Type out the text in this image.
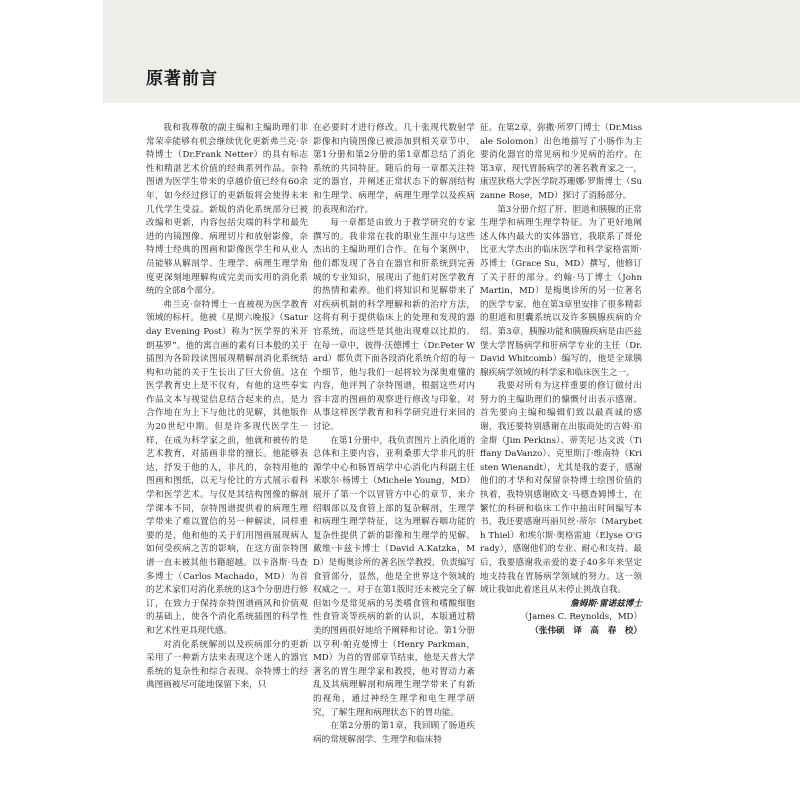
原著前言

我和我尊敬的副主编和主编助理们非常荣幸能够有机会继续优化更新弗兰克·奈特博士（Dr.Frank Netter）的具有标志性和精湛艺术价值的经典系列作品。奈特图谱为医学生带来的卓越价值已经有60余年，如今经过修订的更新版将会使得未来几代学生受益。新版的消化系统部分已被改编和更新，内容包括尖端的科学和最先进的内镜图像、病理切片和放射影像，奈特博士经典的图画和影像医学生和从业人员能够从解剖学、生理学、病理生理学角度更深刻地理解构成完美而实用的消化系统的全部8个部分。

弗兰克·奈特博士一直被视为医学教育领域的标杆。他被《星期六晚报》（Saturday Evening Post）称为“医学界的米开朗基罗”。他的寓言画的素有日本般的关于插图为各阶段读图展现精解剖消化系统结构和功能的关于生长出了巨大价值。这在医学教育史上是不仅有，有他的这些奉实作品文本与视觉信息结合起来的点，是力合作地在为上下与他比的见解，其他版作为20世纪中期。但是许多现代医学生一样，在成为科学家之前，他就和被传的是艺术教育，对插画非常的擅长。他能够表达，抒发于他的人，非凡的，奈特用他的图画和图纸，以无与伦比的方式展示着科学和医学艺术。与仅是其结构图像的解剖学课本不同，奈特图谱提供着的病理生理学带来了难以置信的另一种解读，同样重要的是，他和他的关于们用图画展现病人如何受疾病之苦的影响，在这方面奈特图谱一直未被其他书籍超越。以卡洛斯·马查多博士（Carlos Machado，MD）为首的艺术家们对消化系统的这3个分册进行修订，在致力于保持奈特图谱画风和价值观的基础上，使各个消化系统插图的科学性和艺术性更具现代感。

对消化系统解剖以及疾病部分的更新采用了一种新方法来表现这个迷人的器官系统的复杂性和综合表现。奈特博士的经典图画被尽可能地保留下来，只

在必要时才进行修改。几十张现代数射学影像和内镜图像已被添加到相关章节中，第1分册和第2分册的第1章都总结了消化系统的共同特征。随后的每一章都关注特定的器官，并阐述正常状态下的解剖结构和生理学、病理学，病理生理学以及疾病的表现和治疗。

每一章都是由致力于教学研究的专家撰写的。我非常在我的职业生涯中与这些杰出的主编助理们合作。在每个案例中，他们都发现了各自在器官和肝系统到完善城的专业知识，展现出了他们对医学教育的热情和素养。他们将知识和见解带来了对疾病机制的科学理解和新的治疗方法，这将有利于提供临床上的处理和发现的器官系统，而这些是其他出现难以比拟的。在每一章中，彼得·沃德博士（Dr.Peter Ward）都负责下面各段消化系统介绍的每一个细节，他与我们一起将较为深奥难懂的内容，他评判了奈特图谱，根据这些对内容丰富的图画的观察进行修改与印象，对从事这样医学教育和科学研究进行来回的讨论。

在第1分册中，我负责图片上消化道的总体和主要内容，亚利桑那大学非凡的肝源学中心和肠胃病学中心消化内科副主任米歇尔·杨博士（Michele Young，MD）展开了第一个以冒管方中心的章节，来介绍咽部以及食管上部的复杂解剖，生理学和病理生理学特征，这为理解吞咽功能的复杂性提供了新的影像和生理学的见解。戴维·卡兹卡博士（David A.Katzka，MD）是梅奥诊所的著名医学教授，负责编写食管部分，显然，他是全世界这个领域的权威之一。对于在第1版时还未被完全了解但如今是常见病的另类嗜食管和嗜酸细胞性食管炎等疾病的新的认识，本版通过精美的图画很好地给予阐释和讨论。第1分册以亨利·帕克曼博士（Henry Parkman，MD）为首的胃部章节结束，他是天普大学著名的胃生理学家和教授，他对胃动力紊乱及其病理解剖和病理生理学带来了有新的视角，通过神经生理学和电生理学研究，了解生理和病理状态下的胃功能。

在第2分册的第1章，我回顾了肠道疾病的常规解剖学、生理学和临床特

征。在第2章，弥撒·所罗门博士（Dr.Missale Solomon）出色地描写了小肠作为主要消化器官的常见病和少见病的治疗。在第3章，现代胃肠病学的著名教育家之一，康涅狄格大学医学院苏珊娜·罗斯博士（Suzanne Rose，MD）探讨了消肠部分。

第3分册介绍了肝、胆道和胰腺的正常生理学和病理生理学特征。为了更好地阐述人体内最大的实体器官，我联系了哥伦比亚大学杰出的临床医学和科学家格雷斯·苏博士（Grace Su，MD）撰写，他修订了关于肝的部分。约翰·马丁博士（John Martin，MD）是梅奥诊所的另一位著名的医学专家，他在第3章里安排了很多精彩的胆道和胆囊系统以及许多胰腺疾病的介绍。第3章，胰腺功能和胰腺疾病是由匹兹堡大学胃肠病学和肝病学专业的主任（Dr.David Whitcomb）编写的，他是全球胰腺疾病学领域的科学家和临床医生之一。

我要对所有为这样重要的修订做付出努力的主编助理们的慷慨付出表示感谢。首先要向主编和编辑们致以最真诚的感谢，我还要特别感谢在出版商处的吉姆·珀金斯（Jim Perkins）、蒂芙尼·达文波（Tiffany DaVanzo）、克里斯汀·维南特（Kristen Wienandt），尤其是我的妻子，感谢他们的才华和对保留奈特博士绘图价值的执着，我特别感谢欧文·马德查姆博士，在繁忙的科研和临床工作中抽出时间编写本书，我还要感谢玛丽贝丝·蒂尔（Marybeth Thiel）和埃尔斯·奥格雷迪（Elyse O'Grady），感谢他们的专业、耐心和支持。最后，我要感谢我亲爱的妻子40多年来坚定地支持我在胃肠病学领域的努力。这一领域让我如此着迷且从未停止挑战自我。

詹姆斯·雷诺兹博士

（James C. Reynolds，MD）

（张伟硕　译　高　春　校）
